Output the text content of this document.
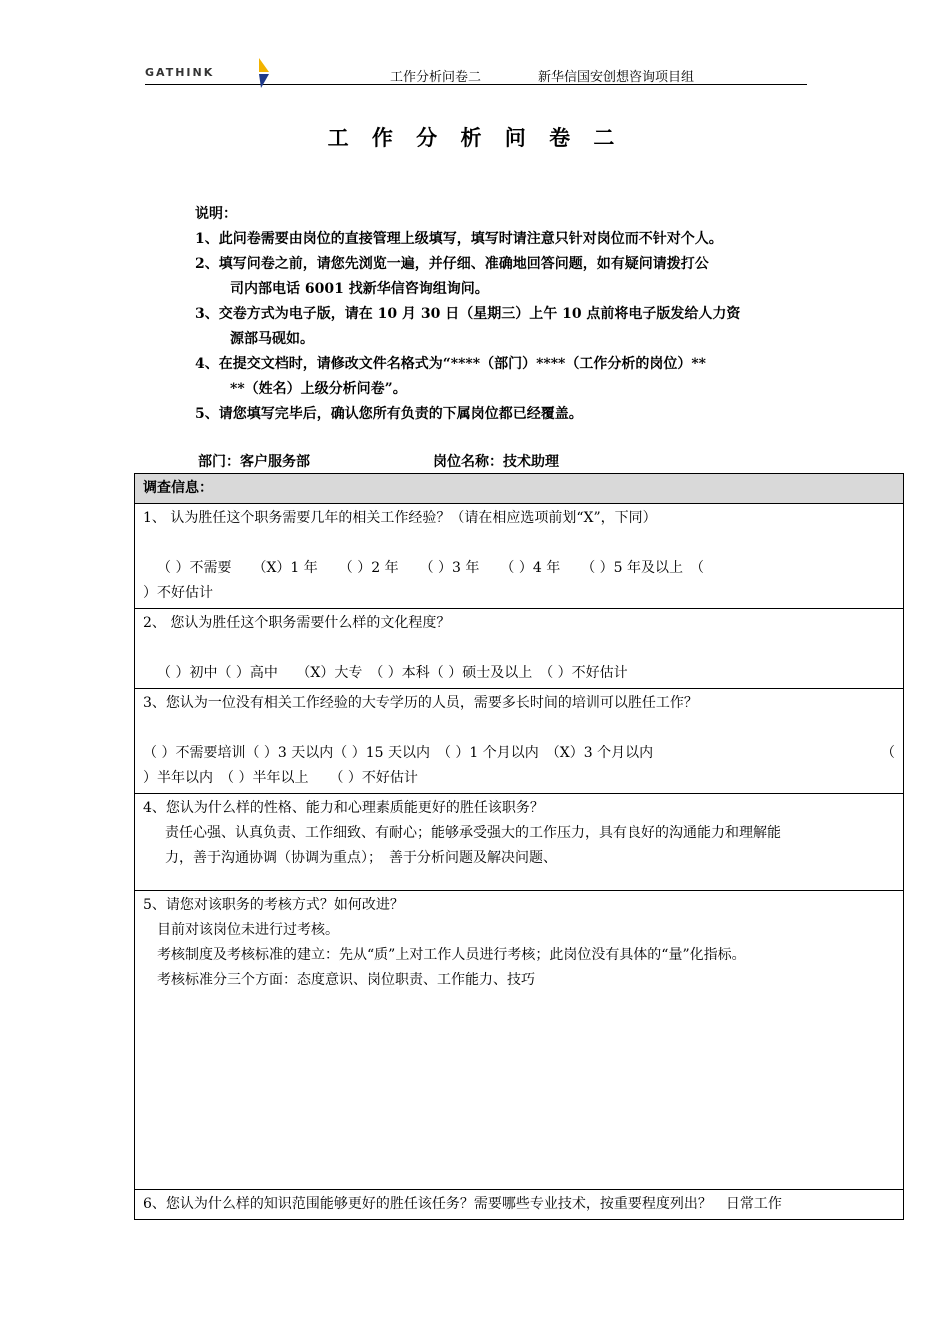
GATHINK	工作分析问卷二	新华信国安创想咨询项目组
工 作 分 析 问 卷 二
说明：
1、此问卷需要由岗位的直接管理上级填写，填写时请注意只针对岗位而不针对个人。
2、填写问卷之前，请您先浏览一遍，并仔细、准确地回答问题，如有疑问请拨打公
司内部电话 6001 找新华信咨询组询问。
3、交卷方式为电子版，请在 10 月 30 日（星期三）上午 10 点前将电子版发给人力资
源部马砚如。
4、在提交文档时，请修改文件名格式为“****（部门）****（工作分析的岗位）**
**（姓名）上级分析问卷”。
5、请您填写完毕后，确认您所有负责的下属岗位都已经覆盖。
部门：客户服务部	岗位名称：技术助理
调查信息：

1、 认为胜任这个职务需要几年的相关工作经验？（请在相应选项前划“X”，下同）
（ ）不需要　　（X）1 年　　（ ）2 年　　（ ）3 年　　（ ）4 年　　（ ）5 年及以上　（
）不好估计

2、 您认为胜任这个职务需要什么样的文化程度？
（ ）初中（ ）高中　 （X）大专　（ ）本科（ ）硕士及以上　（ ）不好估计

3、您认为一位没有相关工作经验的大专学历的人员，需要多长时间的培训可以胜任工作？
（ ）不需要培训（ ）3 天以内（ ）15 天以内　（ ）1 个月以内　（X）3 个月以内	（
）半年以内　（ ）半年以上　　（ ）不好估计

4、您认为什么样的性格、能力和心理素质能更好的胜任该职务？
责任心强、认真负责、工作细致、有耐心；能够承受强大的工作压力，具有良好的沟通能力和理解能
力，善于沟通协调（协调为重点）；　善于分析问题及解决问题、

5、请您对该职务的考核方式？如何改进？
目前对该岗位未进行过考核。
考核制度及考核标准的建立：先从“质”上对工作人员进行考核；此岗位没有具体的“量”化指标。
考核标准分三个方面：态度意识、岗位职责、工作能力、技巧

6、您认为什么样的知识范围能够更好的胜任该任务？需要哪些专业技术，按重要程度列出？　日常工作
